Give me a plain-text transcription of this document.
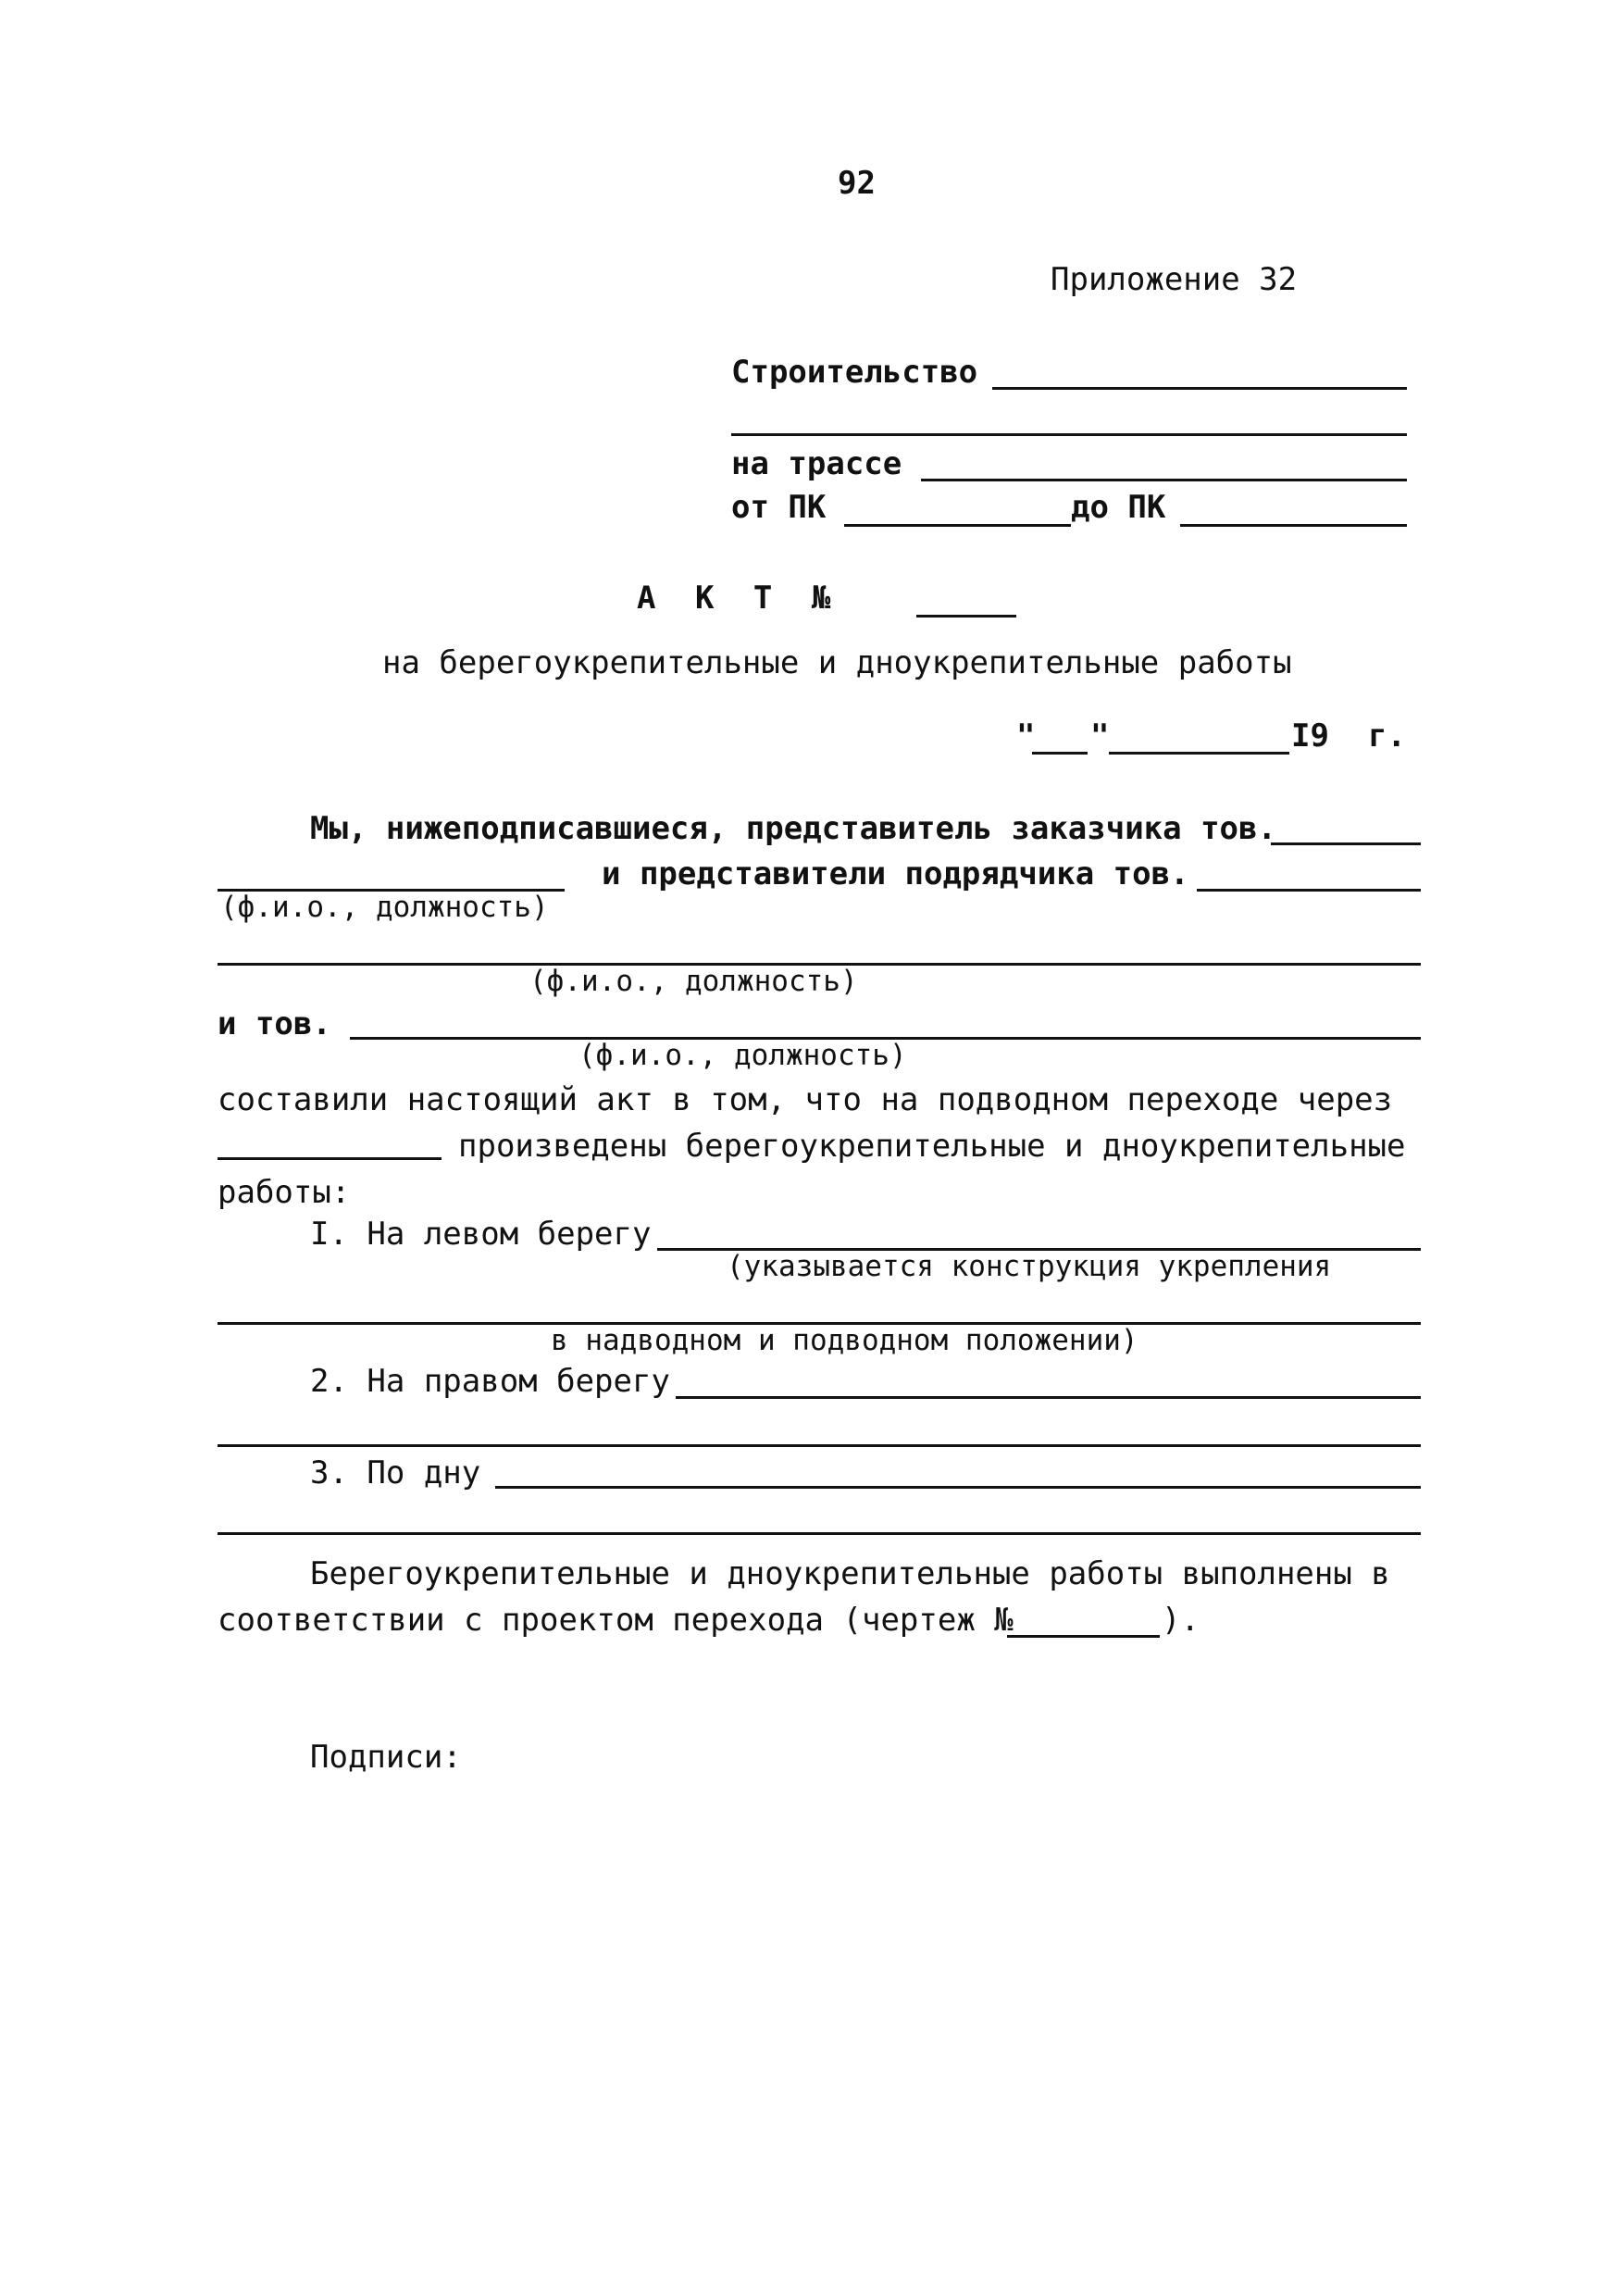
92
Приложение 32
Строительство
на трассе
от ПК	до ПК
А К Т №
на берегоукрепительные и дноукрепительные работы
" "	I9 г.
Мы, нижеподписавшиеся, представитель заказчика тов.
(ф.и.о., должность)
и представители подрядчика тов.
(ф.и.о., должность)
и тов.
(ф.и.о., должность)
составили настоящий акт в том, что на подводном переходе через
произведены берегоукрепительные и дноукрепительные
работы:
I. На левом берегу
(указывается конструкция укрепления
в надводном и подводном положении)
2. На правом берегу
3. По дну
Берегоукрепительные и дноукрепительные работы выполнены в
соответствии с проектом перехода (чертеж №	).
Подписи:
